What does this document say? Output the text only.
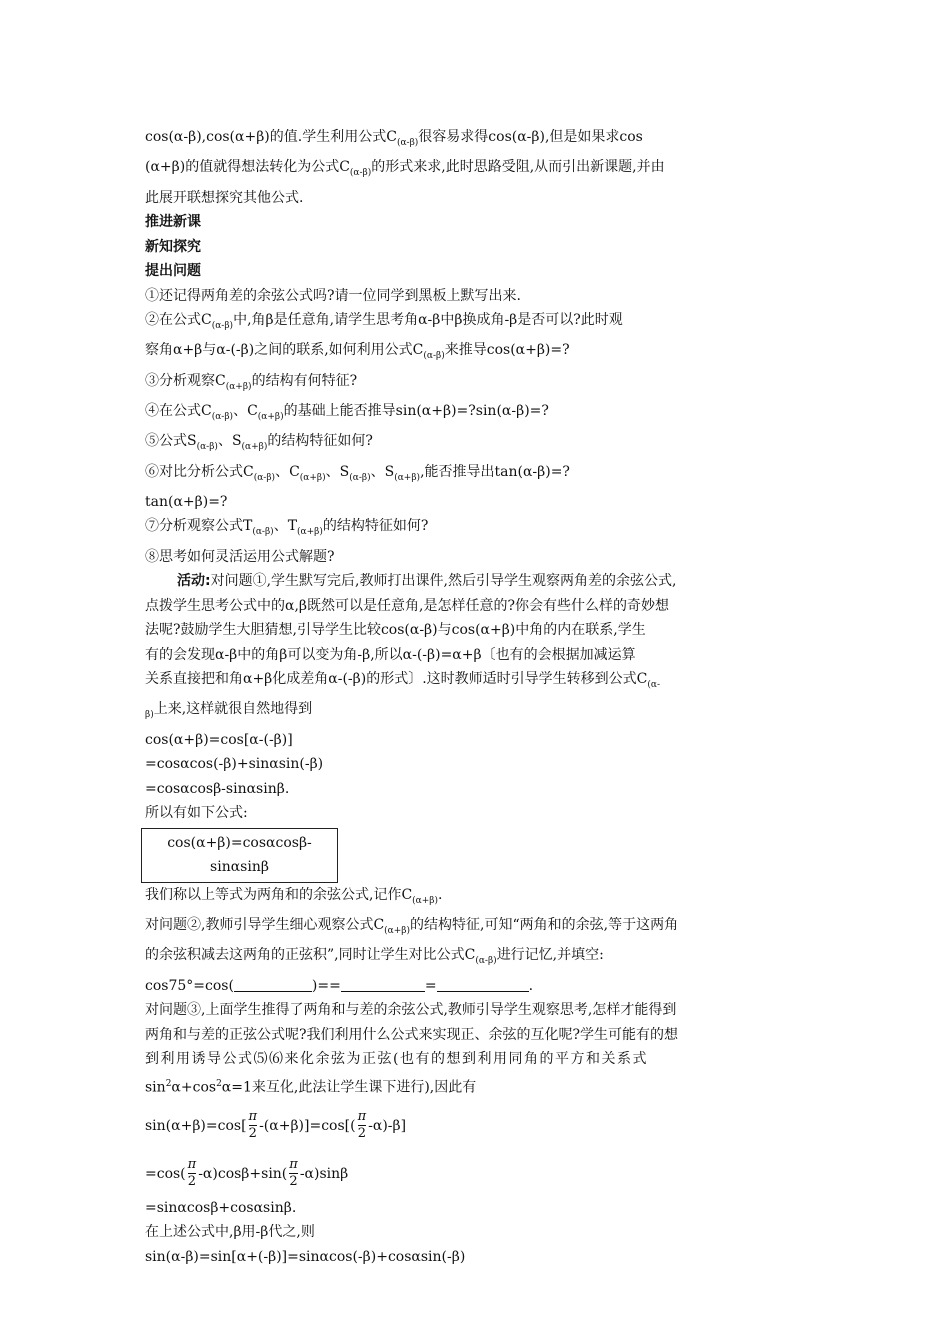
cos(α-β),cos(α+β)的值.学生利用公式$C_{(\alpha-\beta)}$很容易求得cos(α-β),但是如果求cos
(α+β)的值就得想法转化为公式$C_{(\alpha-\beta)}$的形式来求,此时思路受阻,从而引出新课题,并由
此展开联想探究其他公式.
推进新课
新知探究
提出问题
①还记得两角差的余弦公式吗?请一位同学到黑板上默写出来.
②在公式$C_{(\alpha-\beta)}$中,角β是任意角,请学生思考角α-β中β换成角-β是否可以?此时观
察角α+β与α-(-β)之间的联系,如何利用公式$C_{(\alpha-\beta)}$来推导cos(α+β)=?
③分析观察$C_{(\alpha+\beta)}$的结构有何特征?
④在公式$C_{(\alpha-\beta)}$、$C_{(\alpha+\beta)}$的基础上能否推导sin(α+β)=?sin(α-β)=?
⑤公式$S_{(\alpha-\beta)}$、$S_{(\alpha+\beta)}$的结构特征如何?
⑥对比分析公式$C_{(\alpha-\beta)}$、$C_{(\alpha+\beta)}$、$S_{(\alpha-\beta)}$、$S_{(\alpha+\beta)}$,能否推导出tan(α-β)=?
tan(α+β)=?
⑦分析观察公式$T_{(\alpha-\beta)}$、$T_{(\alpha+\beta)}$的结构特征如何?
⑧思考如何灵活运用公式解题?
活动:对问题①,学生默写完后,教师打出课件,然后引导学生观察两角差的余弦公式,
点拨学生思考公式中的α,β既然可以是任意角,是怎样任意的?你会有些什么样的奇妙想
法呢?鼓励学生大胆猜想,引导学生比较cos(α-β)与cos(α+β)中角的内在联系,学生
有的会发现α-β中的角β可以变为角-β,所以α-(-β)=α+β〔也有的会根据加减运算
关系直接把和角α+β化成差角α-(-β)的形式〕.这时教师适时引导学生转移到公式$C_{(\alpha-}$
$_{\beta)}$上来,这样就很自然地得到
cos(α+β)=cos[α-(-β)]
=cosαcos(-β)+sinαsin(-β)
=cosαcosβ-sinαsinβ.
所以有如下公式:
cos(α+β)=cosαcosβ-
sinαsinβ
我们称以上等式为两角和的余弦公式,记作$C_{(\alpha+\beta)}$.
对问题②,教师引导学生细心观察公式$C_{(\alpha+\beta)}$的结构特征,可知“两角和的余弦,等于这两角
的余弦积减去这两角的正弦积”,同时让学生对比公式$C_{(\alpha-\beta)}$进行记忆,并填空:
cos75°=cos(	)==	=	.
对问题③,上面学生推得了两角和与差的余弦公式,教师引导学生观察思考,怎样才能得到
两角和与差的正弦公式呢?我们利用什么公式来实现正、余弦的互化呢?学生可能有的想
到利用诱导公式⑸⑹来化余弦为正弦(也有的想到利用同角的平方和关系式
$\sin^2\alpha+\cos^2\alpha=1$来互化,此法让学生课下进行),因此有
$\sin(\alpha+\beta)=\cos[ \frac{\pi}{2} -(\alpha+\beta)]=\cos[( \frac{\pi}{2} -\alpha)-\beta]$
$=\cos( \frac{\pi}{2} -\alpha)\cos\beta+\sin( \frac{\pi}{2} -\alpha)\sin\beta$
=sinαcosβ+cosαsinβ.
在上述公式中,β用-β代之,则
sin(α-β)=sin[α+(-β)]=sinαcos(-β)+cosαsin(-β)
